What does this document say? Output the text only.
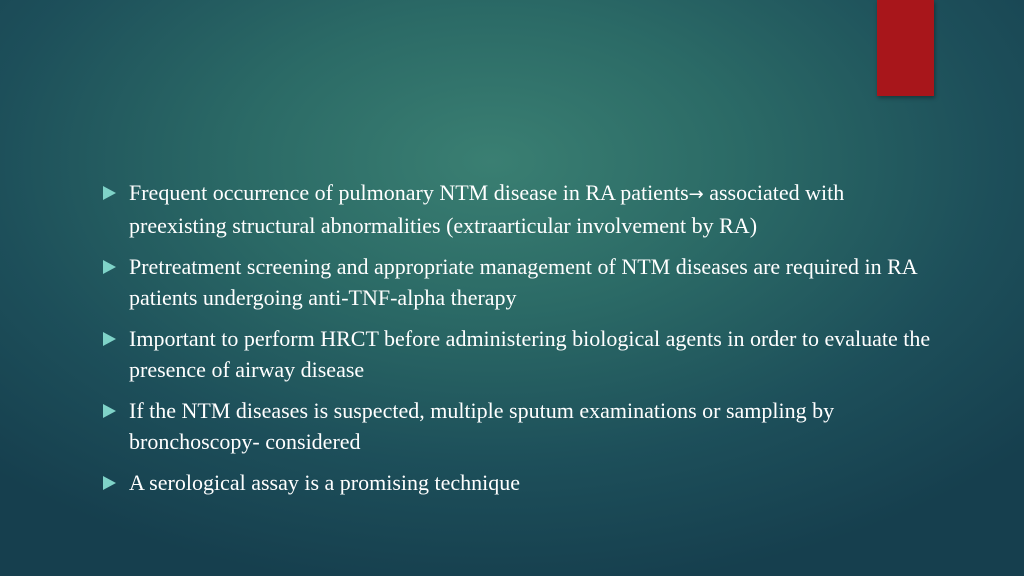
Frequent occurrence of pulmonary NTM disease in RA patients→ associated with preexisting structural abnormalities (extraarticular involvement by RA)
Pretreatment screening and appropriate management of NTM diseases are required in RA patients undergoing anti-TNF-alpha therapy
Important to perform HRCT before administering biological agents in order to evaluate the presence of airway disease
If the NTM diseases is suspected, multiple sputum examinations or sampling by bronchoscopy- considered
A serological assay is a promising technique
